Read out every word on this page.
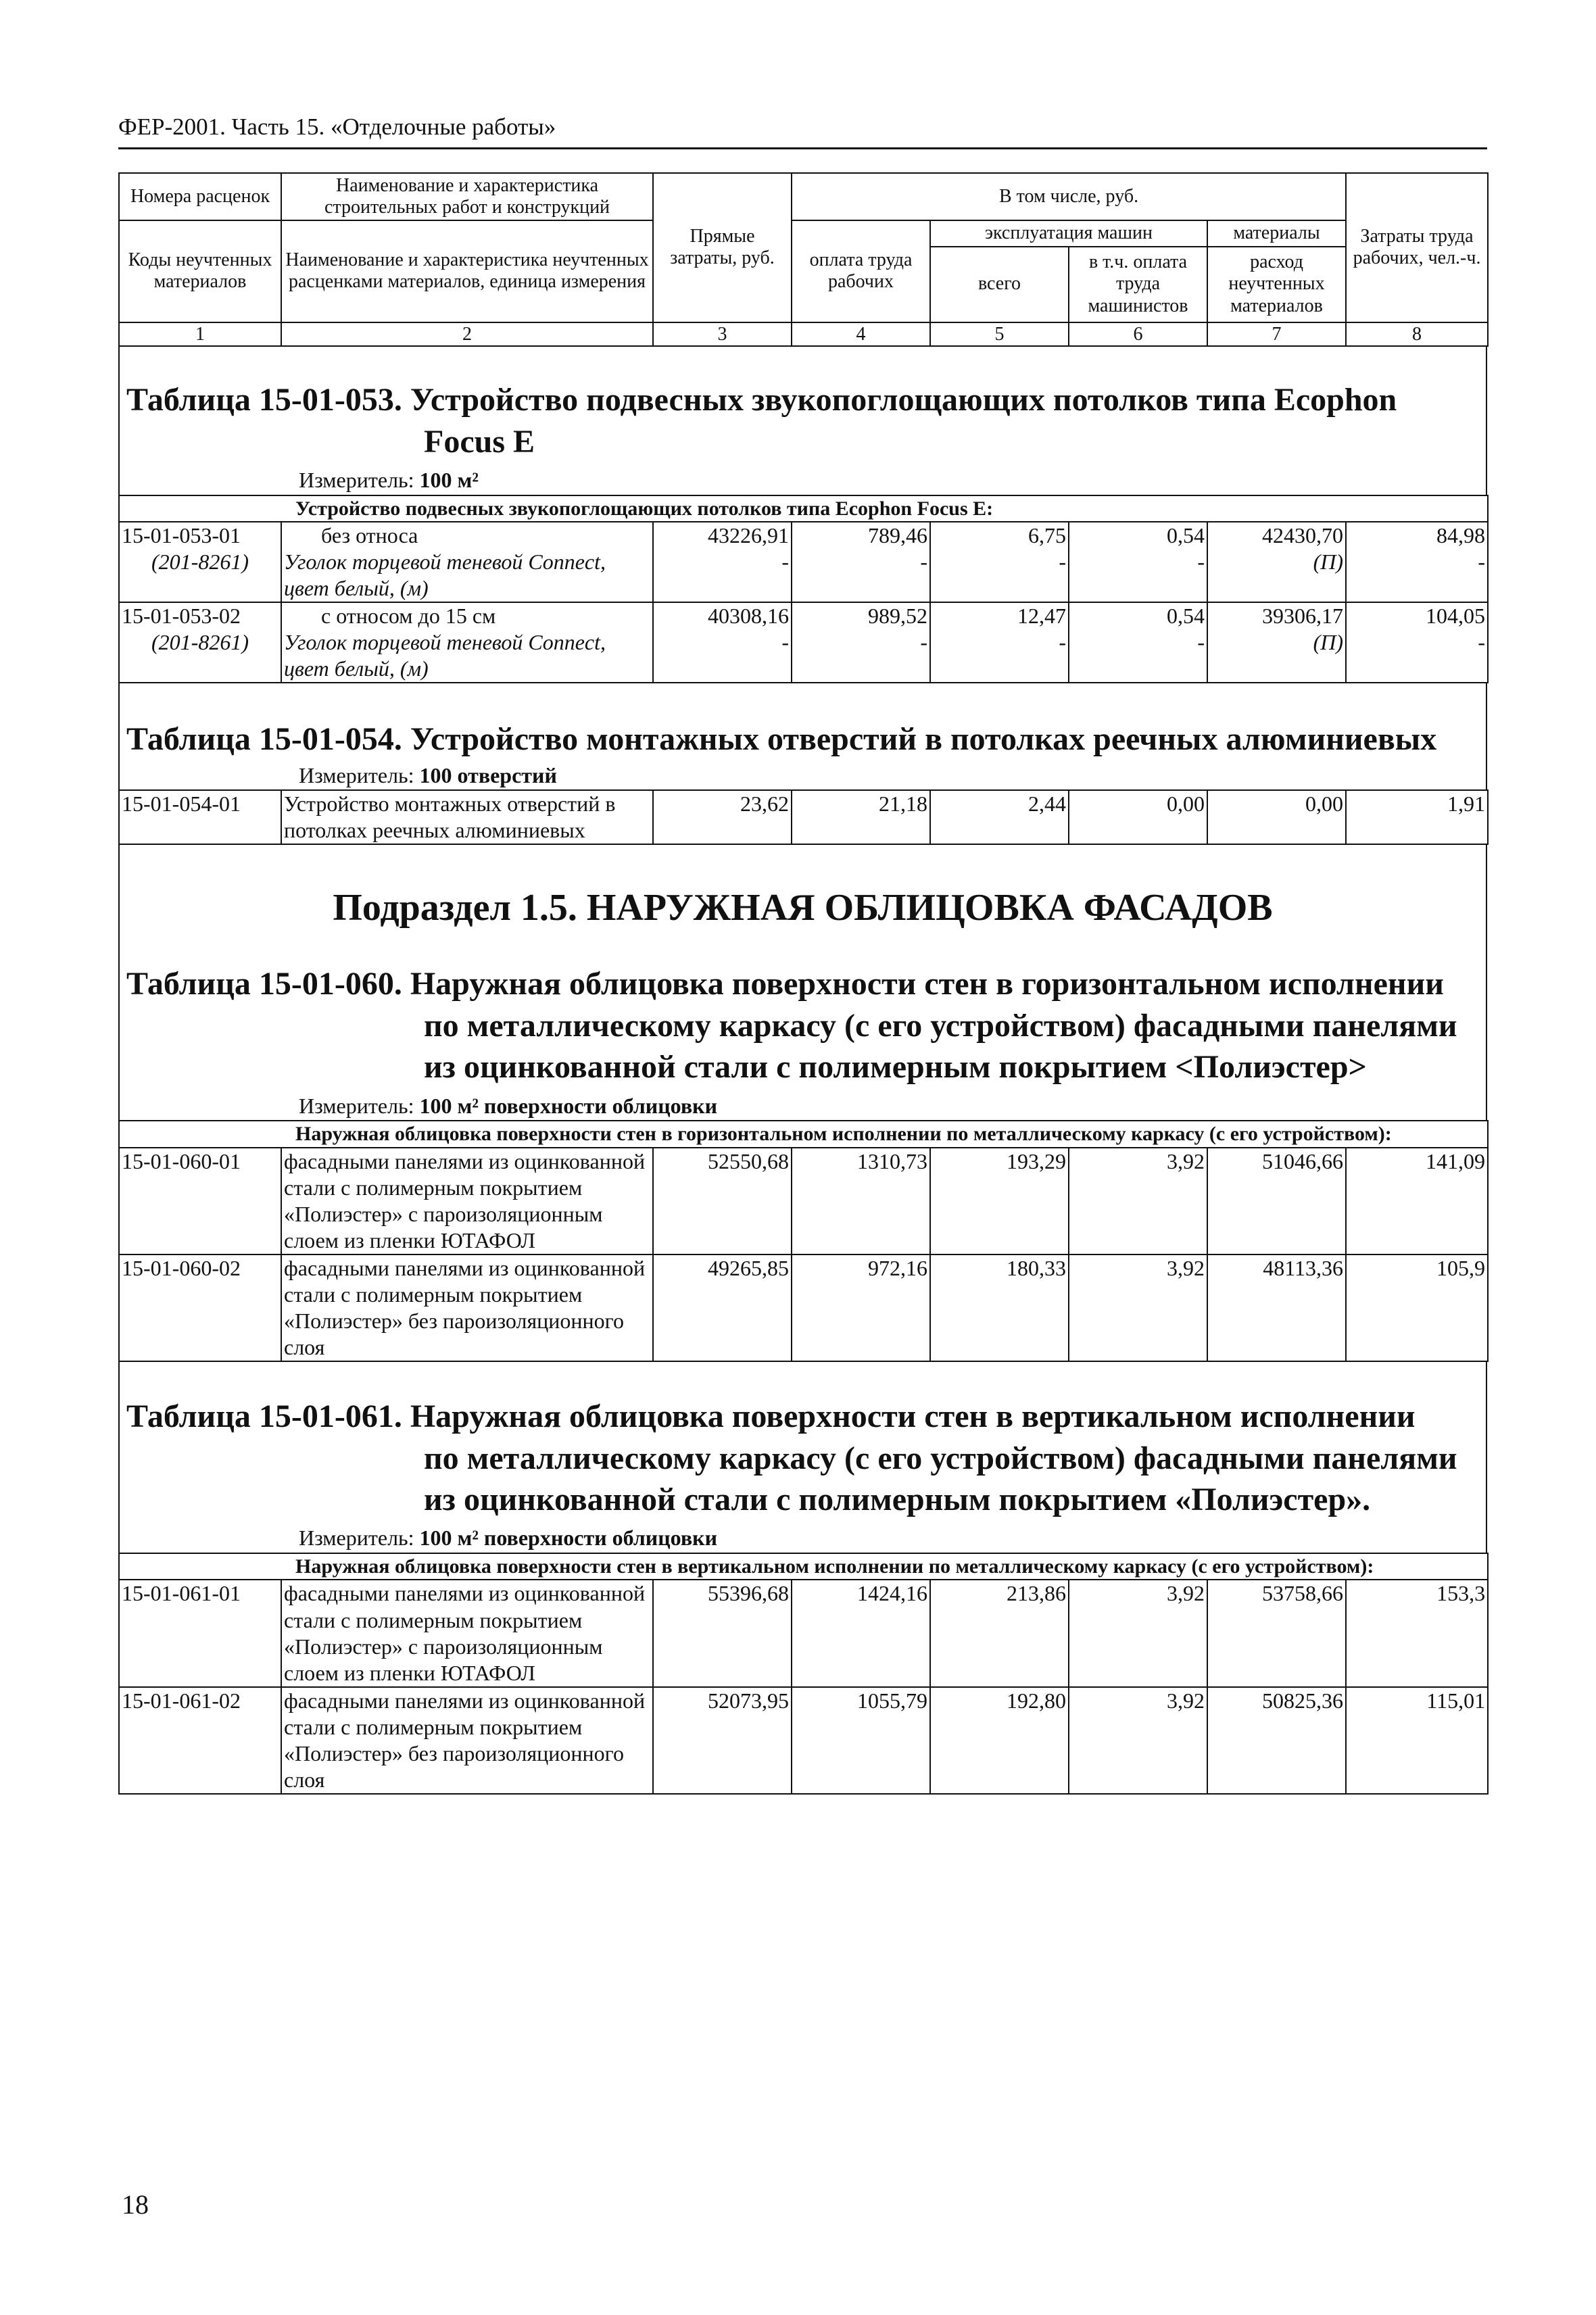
ФЕР-2001. Часть 15. «Отделочные работы»
Номера расценок	Наименование и характеристика строительных работ и конструкций	Прямые затраты, руб.	В том числе, руб.				Затраты труда рабочих, чел.-ч.
Коды неучтенных материалов	Наименование и характеристика неучтенных расценками материалов, единица измерения		оплата труда рабочих	эксплуатация машин		материалы	
				всего	в т.ч. оплата труда машинистов	расход неучтенных материалов	
1	2	3	4	5	6	7	8
Таблица 15-01-053. Устройство подвесных звукопоглощающих потолков типа Ecophon
Focus E
Измеритель: 100 м²
Устройство подвесных звукопоглощающих потолков типа Ecophon Focus E:							
15-01-053-01	без относа	43226,91	789,46	6,75	0,54	42430,70	84,98
(201-8261)	Уголок торцевой теневой Connect, цвет белый, (м)	-	-	-	-	(П)	-
15-01-053-02	с относом до 15 см	40308,16	989,52	12,47	0,54	39306,17	104,05
(201-8261)	Уголок торцевой теневой Connect, цвет белый, (м)	-	-	-	-	(П)	-
Таблица 15-01-054. Устройство монтажных отверстий в потолках реечных алюминиевых
Измеритель: 100 отверстий
15-01-054-01	Устройство монтажных отверстий в потолках реечных алюминиевых	23,62	21,18	2,44	0,00	0,00	1,91
Подраздел 1.5. НАРУЖНАЯ ОБЛИЦОВКА ФАСАДОВ
Таблица 15-01-060. Наружная облицовка поверхности стен в горизонтальном исполнении
по металлическому каркасу (с его устройством) фасадными панелями
из оцинкованной стали с полимерным покрытием <Полиэстер>
Измеритель: 100 м² поверхности облицовки
Наружная облицовка поверхности стен в горизонтальном исполнении по металлическому каркасу (с его устройством):							
15-01-060-01	фасадными панелями из оцинкованной стали с полимерным покрытием «Полиэстер» с пароизоляционным слоем из пленки ЮТАФОЛ	52550,68	1310,73	193,29	3,92	51046,66	141,09
15-01-060-02	фасадными панелями из оцинкованной стали с полимерным покрытием «Полиэстер» без пароизоляционного слоя	49265,85	972,16	180,33	3,92	48113,36	105,9
Таблица 15-01-061. Наружная облицовка поверхности стен в вертикальном исполнении
по металлическому каркасу (с его устройством) фасадными панелями
из оцинкованной стали с полимерным покрытием «Полиэстер».
Измеритель: 100 м² поверхности облицовки
Наружная облицовка поверхности стен в вертикальном исполнении по металлическому каркасу (с его устройством):							
15-01-061-01	фасадными панелями из оцинкованной стали с полимерным покрытием «Полиэстер» с пароизоляционным слоем из пленки ЮТАФОЛ	55396,68	1424,16	213,86	3,92	53758,66	153,3
15-01-061-02	фасадными панелями из оцинкованной стали с полимерным покрытием «Полиэстер» без пароизоляционного слоя	52073,95	1055,79	192,80	3,92	50825,36	115,01
18
